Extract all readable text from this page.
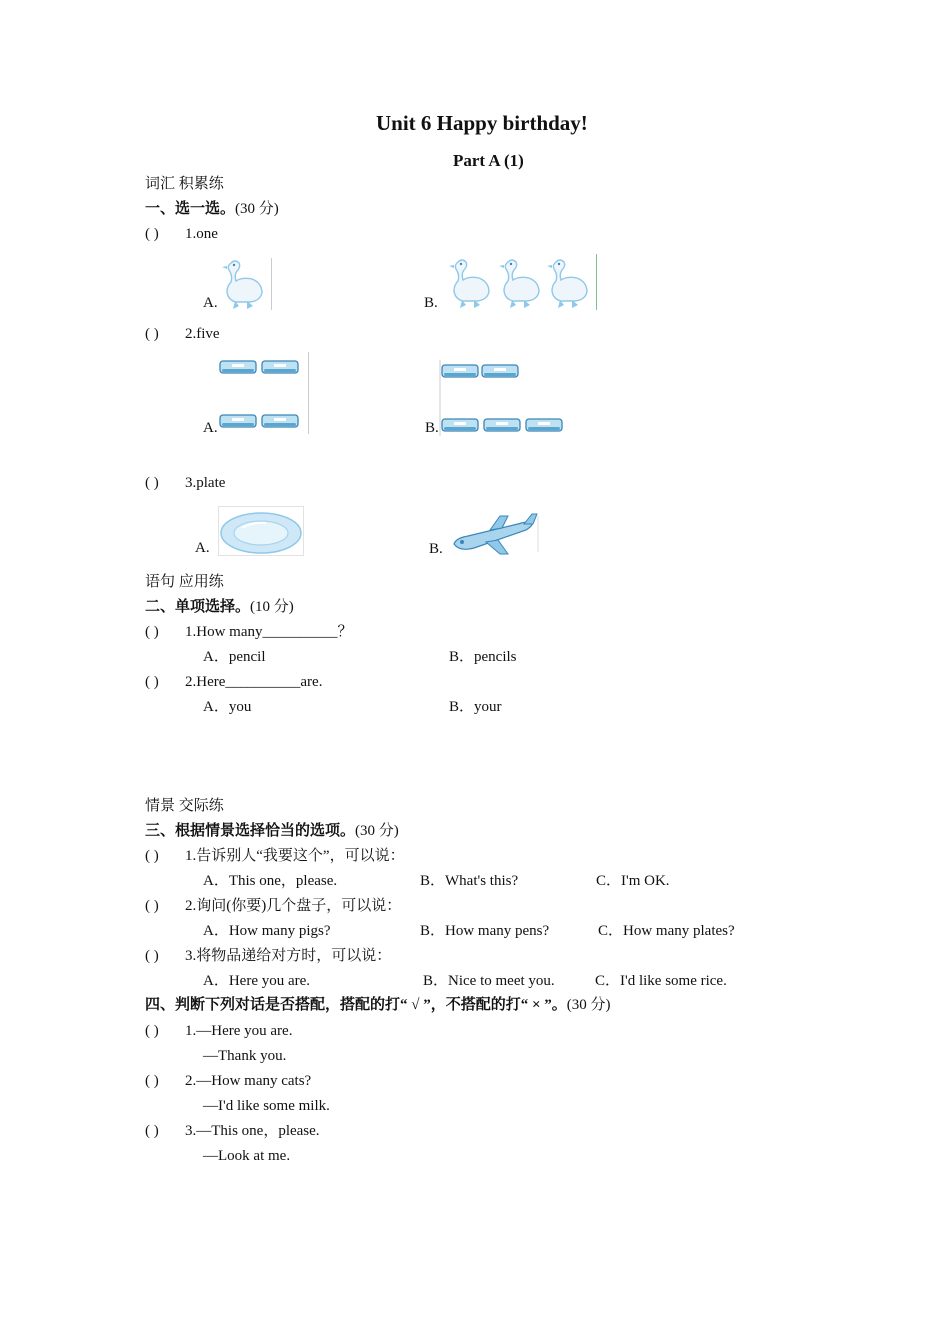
Unit 6 Happy birthday!
Part A (1)
词汇 积累练
一、选一选。(30 分)
( ) 1.one
A.	B.
( ) 2.five
A.	B.
( ) 3.plate
A.	B.
语句 应用练
二、单项选择。(10 分)
( ) 1.How many__________？
A．pencil	B．pencils
( ) 2.Here__________are.
A．you	B．your
情景 交际练
三、根据情景选择恰当的选项。(30 分)
( ) 1.告诉别人“我要这个”，可以说：
A．This one，please.	B．What's this?	C．I'm OK.
( ) 2.询问(你要)几个盘子，可以说：
A．How many pigs?	B．How many pens?	C．How many plates?
( ) 3.将物品递给对方时，可以说：
A．Here you are.	B．Nice to meet you.	C．I'd like some rice.
四、判断下列对话是否搭配，搭配的打“ √ ”，不搭配的打“ × ”。(30 分)
( ) 1.—Here you are.
—Thank you.
( ) 2.—How many cats?
—I'd like some milk.
( ) 3.—This one，please.
—Look at me.
